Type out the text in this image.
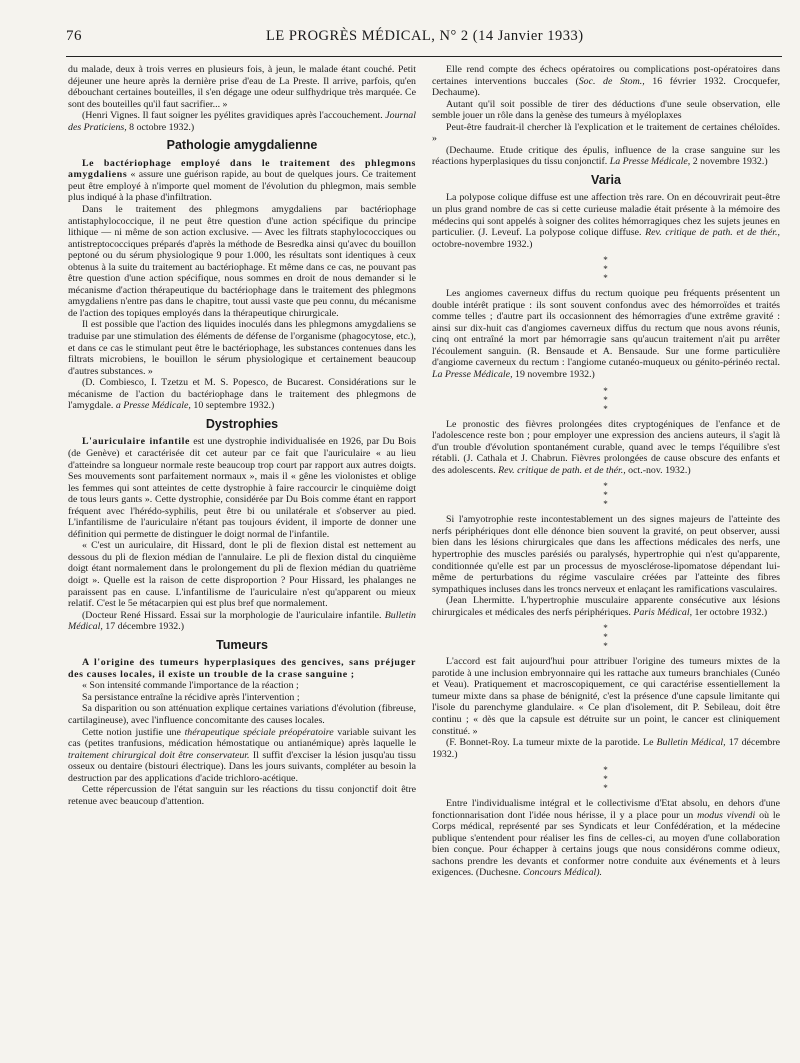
76	LE PROGRÈS MÉDICAL, N° 2 (14 Janvier 1933)

du malade, deux à trois verres en plusieurs fois, à jeun, le malade étant couché. Petit déjeuner une heure après la dernière prise d'eau de La Preste. Il arrive, parfois, qu'en débouchant certaines bouteilles, il s'en dégage une odeur sulfhydrique très marquée. Ce sont des bouteilles qu'il faut sacrifier... »

(Henri Vignes. Il faut soigner les pyélites gravidiques après l'accouchement. Journal des Praticiens, 8 octobre 1932.)

Pathologie amygdalienne

Le bactériophage employé dans le traitement des phlegmons amygdaliens « assure une guérison rapide, au bout de quelques jours. Ce traitement peut être employé à n'importe quel moment de l'évolution du phlegmon, mais semble plus indiqué à la phase d'infiltration.

Dans le traitement des phlegmons amygdaliens par bactériophage antistaphylococcique, il ne peut être question d'une action spécifique du principe lithique — ni même de son action exclusive. — Avec les filtrats staphylococciques ou antistreptococciques préparés d'après la méthode de Besredka ainsi qu'avec du bouillon peptoné ou du sérum physiologique 9 pour 1.000, les résultats sont identiques à ceux obtenus à la suite du traitement au bactériophage. Et même dans ce cas, ne pouvant pas être question d'une action spécifique, nous sommes en droit de nous demander si le mécanisme d'action thérapeutique du bactériophage dans le traitement des phlegmons amygdaliens n'entre pas dans le chapitre, tout aussi vaste que peu connu, du mécanisme de l'action des topiques employés dans la thérapeutique chirurgicale.

Il est possible que l'action des liquides inoculés dans les phlegmons amygdaliens se traduise par une stimulation des éléments de défense de l'organisme (phagocytose, etc.), et dans ce cas le stimulant peut être le bactériophage, les substances contenues dans les filtrats microbiens, le bouillon le sérum physiologique et certainement beaucoup d'autres substances. »

(D. Combiesco, I. Tzetzu et M. S. Popesco, de Bucarest. Considérations sur le mécanisme de l'action du bactériophage dans le traitement des phlegmons de l'amygdale. a Presse Médicale, 10 septembre 1932.)

Dystrophies

L'auriculaire infantile est une dystrophie individualisée en 1926, par Du Bois (de Genève) et caractérisée dit cet auteur par ce fait que l'auriculaire « au lieu d'atteindre sa longueur normale reste beaucoup trop court par rapport aux autres doigts. Ses mouvements sont parfaitement normaux », mais il « gêne les violonistes et oblige les femmes qui sont atteintes de cette dystrophie à faire raccourcir le cinquième doigt de tous leurs gants ». Cette dystrophie, considérée par Du Bois comme étant en rapport fréquent avec l'hérédo-syphilis, peut être bi ou unilatérale et s'observer au pied. L'infantilisme de l'auriculaire n'étant pas toujours évident, il importe de donner une définition qui permette de distinguer le doigt normal de l'infantile.

« C'est un auriculaire, dit Hissard, dont le pli de flexion distal est nettement au dessous du pli de flexion médian de l'annulaire. Le pli de flexion distal du cinquième doigt étant normalement dans le prolongement du pli de flexion médian du quatrième doigt ». Quelle est la raison de cette disproportion ? Pour Hissard, les phalanges ne paraissent pas en cause. L'infantilisme de l'auriculaire n'est qu'apparent ou mieux relatif. C'est le 5e métacarpien qui est plus bref que normalement.

(Docteur René Hissard. Essai sur la morphologie de l'auriculaire infantile. Bulletin Médical, 17 décembre 1932.)

Tumeurs

A l'origine des tumeurs hyperplasiques des gencives, sans préjuger des causes locales, il existe un trouble de la crase sanguine ;

« Son intensité commande l'importance de la réaction ;

Sa persistance entraîne la récidive après l'intervention ;

Sa disparition ou son atténuation explique certaines variations d'évolution (fibreuse, cartilagineuse), avec l'influence concomitante des causes locales.

Cette notion justifie une thérapeutique spéciale préopératoire variable suivant les cas (petites tranfusions, médication hémostatique ou antianémique) après laquelle le traitement chirurgical doit être conservateur. Il suffit d'exciser la lésion jusqu'au tissu osseux ou dentaire (bistouri électrique). Dans les jours suivants, compléter au besoin la destruction par des applications d'acide trichloro-acétique.

Cette répercussion de l'état sanguin sur les réactions du tissu conjonctif doit être retenue avec beaucoup d'attention.

Elle rend compte des échecs opératoires ou complications post-opératoires dans certaines interventions buccales (Soc. de Stom., 16 février 1932. Crocquefer, Dechaume).

Autant qu'il soit possible de tirer des déductions d'une seule observation, elle semble jouer un rôle dans la genèse des tumeurs à myéloplaxes

Peut-être faudrait-il chercher là l'explication et le traitement de certaines chéloïdes. »

(Dechaume. Etude critique des épulis, influence de la crase sanguine sur les réactions hyperplasiques du tissu conjonctif. La Presse Médicale, 2 novembre 1932.)

Varia

La polypose colique diffuse est une affection très rare. On en découvrirait peut-être un plus grand nombre de cas si cette curieuse maladie était présente à la mémoire des médecins qui sont appelés à soigner des colites hémorragiques chez les sujets jeunes en particulier. (J. Leveuf. La polypose colique diffuse. Rev. critique de path. et de thér., octobre-novembre 1932.)

*
*
*

Les angiomes caverneux diffus du rectum quoique peu fréquents présentent un double intérêt pratique : ils sont souvent confondus avec des hémorroïdes et traités comme telles ; d'autre part ils occasionnent des hémorragies d'une extrême gravité : ainsi sur dix-huit cas d'angiomes caverneux diffus du rectum que nous avons réunis, cinq ont entraîné la mort par hémorragie sans qu'aucun traitement n'ait pu arrêter l'écoulement sanguin. (R. Bensaude et A. Bensaude. Sur une forme particulière d'angiome caverneux du rectum : l'angiome cutanéo-muqueux ou génito-périnéo rectal. La Presse Médicale, 19 novembre 1932.)

*
*
*

Le pronostic des fièvres prolongées dites cryptogéniques de l'enfance et de l'adolescence reste bon ; pour employer une expression des anciens auteurs, il s'agit là d'un trouble d'évolution spontanément curable, quand avec le temps l'équilibre s'est rétabli. (J. Cathala et J. Chabrun. Fièvres prolongées de cause obscure des enfants et des adolescents. Rev. critique de path. et de thér., oct.-nov. 1932.)

*
*
*

Si l'amyotrophie reste incontestablement un des signes majeurs de l'atteinte des nerfs périphériques dont elle dénonce bien souvent la gravité, on peut observer, aussi bien dans les lésions chirurgicales que dans les affections médicales des nerfs, une hypertrophie des muscles parésiés ou paralysés, hypertrophie qui n'est qu'apparente, conditionnée qu'elle est par un processus de myosclérose-lipomatose dépendant lui-même de perturbations du régime vasculaire créées par l'atteinte des fibres sympathiques incluses dans les troncs nerveux et enlaçant les ramifications vasculaires.

(Jean Lhermitte. L'hypertrophie musculaire apparente consécutive aux lésions chirurgicales et médicales des nerfs périphériques. Paris Médical, 1er octobre 1932.)

*
*
*

L'accord est fait aujourd'hui pour attribuer l'origine des tumeurs mixtes de la parotide à une inclusion embryonnaire qui les rattache aux tumeurs branchiales (Cunéo et Veau). Pratiquement et macroscopiquement, ce qui caractérise essentiellement la tumeur mixte dans sa phase de bénignité, c'est la présence d'une capsule limitante qui l'isole du parenchyme glandulaire. « Ce plan d'isolement, dit P. Sebileau, doit être continu ; « dès que la capsule est détruite sur un point, le cancer est cliniquement constitué. »

(F. Bonnet-Roy. La tumeur mixte de la parotide. Le Bulletin Médical, 17 décembre 1932.)

*
*
*

Entre l'individualisme intégral et le collectivisme d'Etat absolu, en dehors d'une fonctionnarisation dont l'idée nous hérisse, il y a place pour un modus vivendi où le Corps médical, représenté par ses Syndicats et leur Confédération, et la médecine publique s'entendent pour réaliser les fins de celles-ci, au moyen d'une collaboration bien conçue. Pour échapper à certains jougs que nous considérons comme odieux, sachons prendre les devants et conformer notre conduite aux événements et à leurs exigences. (Duchesne. Concours Médical).
